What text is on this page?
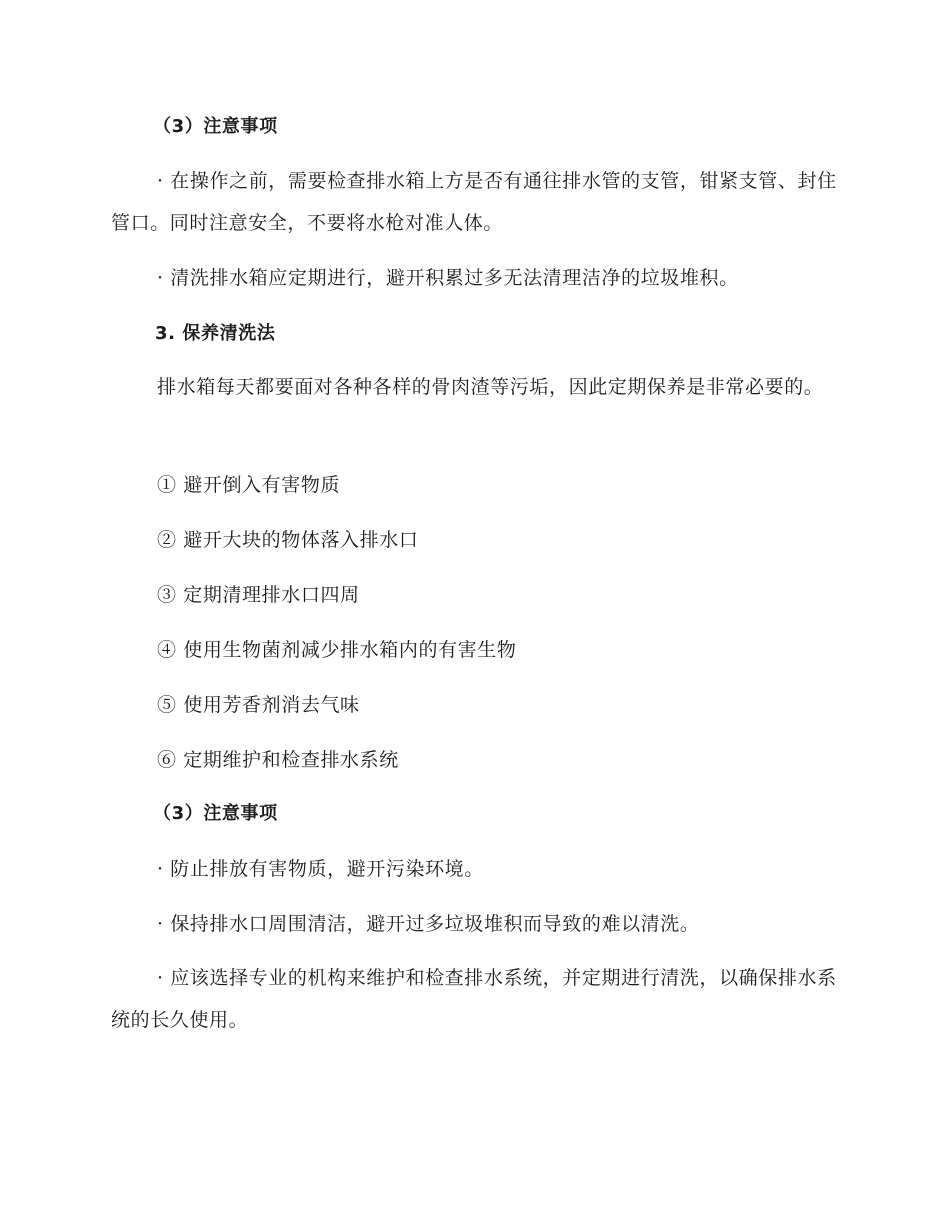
（3）注意事项
· 在操作之前，需要检查排水箱上方是否有通往排水管的支管，钳紧支管、封住管口。同时注意安全，不要将水枪对准人体。
· 清洗排水箱应定期进行，避开积累过多无法清理洁净的垃圾堆积。
3. 保养清洗法
排水箱每天都要面对各种各样的骨肉渣等污垢，因此定期保养是非常必要的。
① 避开倒入有害物质
② 避开大块的物体落入排水口
③ 定期清理排水口四周
④ 使用生物菌剂减少排水箱内的有害生物
⑤ 使用芳香剂消去气味
⑥ 定期维护和检查排水系统
（3）注意事项
· 防止排放有害物质，避开污染环境。
· 保持排水口周围清洁，避开过多垃圾堆积而导致的难以清洗。
· 应该选择专业的机构来维护和检查排水系统，并定期进行清洗，以确保排水系统的长久使用。
